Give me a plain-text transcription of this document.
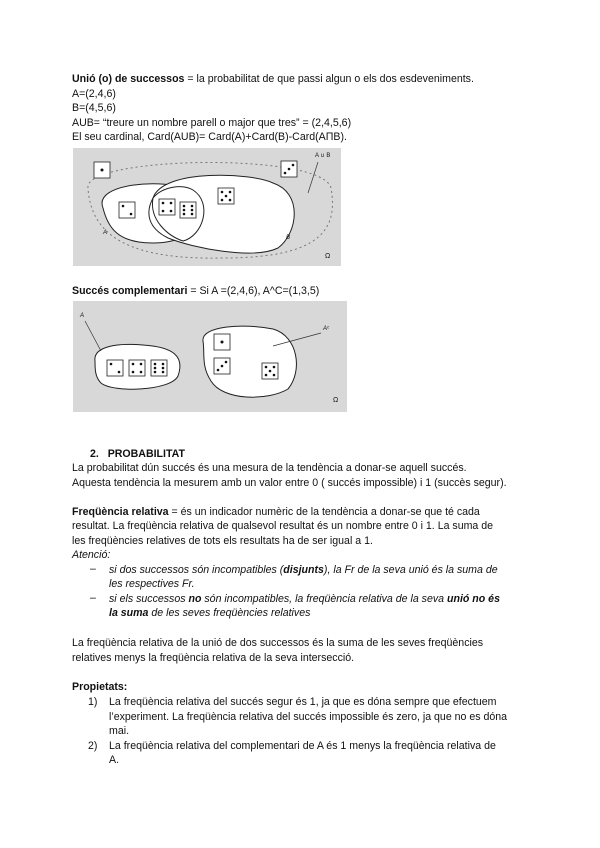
Unió (o) de successos = la probabilitat de que passi algun o els dos esdeveniments.
A=(2,4,6)
B=(4,5,6)
AUB= “treure un nombre parell o major que tres” = (2,4,5,6)
El seu cardinal, Card(AUB)= Card(A)+Card(B)-Card(AΠB).
A ∪ B
A
B
Ω
Succés complementari = Si A =(2,4,6), A^C=(1,3,5)
A
Aᶜ
Ω
2. PROBABILITAT
La probabilitat dún succés és una mesura de la tendència a donar-se aquell succés.
Aquesta tendència la mesurem amb un valor entre 0 ( succés impossible) i 1 (succès segur).
Freqüència relativa = és un indicador numèric de la tendència a donar-se que té cada
resultat. La freqüència relativa de qualsevol resultat és un nombre entre 0 i 1. La suma de
les freqüències relatives de tots els resultats ha de ser igual a 1.
Atenció:
– si dos successos són incompatibles (disjunts), la Fr de la seva unió és la suma de
les respectives Fr.
– si els successos no són incompatibles, la freqüència relativa de la seva unió no és
la suma de les seves freqüències relatives
La freqüència relativa de la unió de dos successos és la suma de les seves freqüències
relatives menys la freqüència relativa de la seva intersecció.
Propietats:
1) La freqüència relativa del succés segur és 1, ja que es dóna sempre que efectuem
l’experiment. La freqüència relativa del succés impossible és zero, ja que no es dóna
mai.
2) La freqüència relativa del complementari de A és 1 menys la freqüència relativa de
A.
